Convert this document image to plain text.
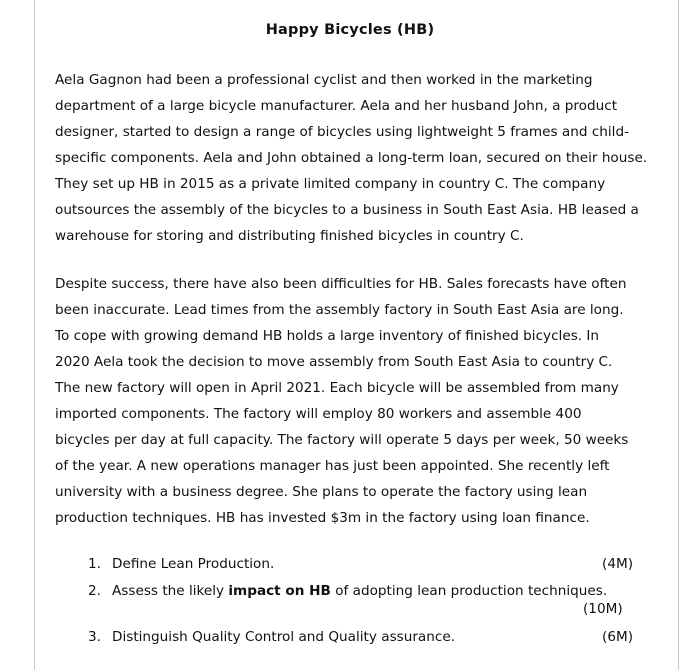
Happy Bicycles (HB)
Aela Gagnon had been a professional cyclist and then worked in the marketing
department of a large bicycle manufacturer. Aela and her husband John, a product
designer, started to design a range of bicycles using lightweight 5 frames and child-
specific components. Aela and John obtained a long-term loan, secured on their house.
They set up HB in 2015 as a private limited company in country C. The company
outsources the assembly of the bicycles to a business in South East Asia. HB leased a
warehouse for storing and distributing finished bicycles in country C.
Despite success, there have also been difficulties for HB. Sales forecasts have often
been inaccurate. Lead times from the assembly factory in South East Asia are long.
To cope with growing demand HB holds a large inventory of finished bicycles. In
2020 Aela took the decision to move assembly from South East Asia to country C.
The new factory will open in April 2021. Each bicycle will be assembled from many
imported components. The factory will employ 80 workers and assemble 400
bicycles per day at full capacity. The factory will operate 5 days per week, 50 weeks
of the year. A new operations manager has just been appointed. She recently left
university with a business degree. She plans to operate the factory using lean
production techniques. HB has invested $3m in the factory using loan finance.
1. Define Lean Production.	(4M)
2. Assess the likely impact on HB of adopting lean production techniques.
(10M)
3. Distinguish Quality Control and Quality assurance.	(6M)
